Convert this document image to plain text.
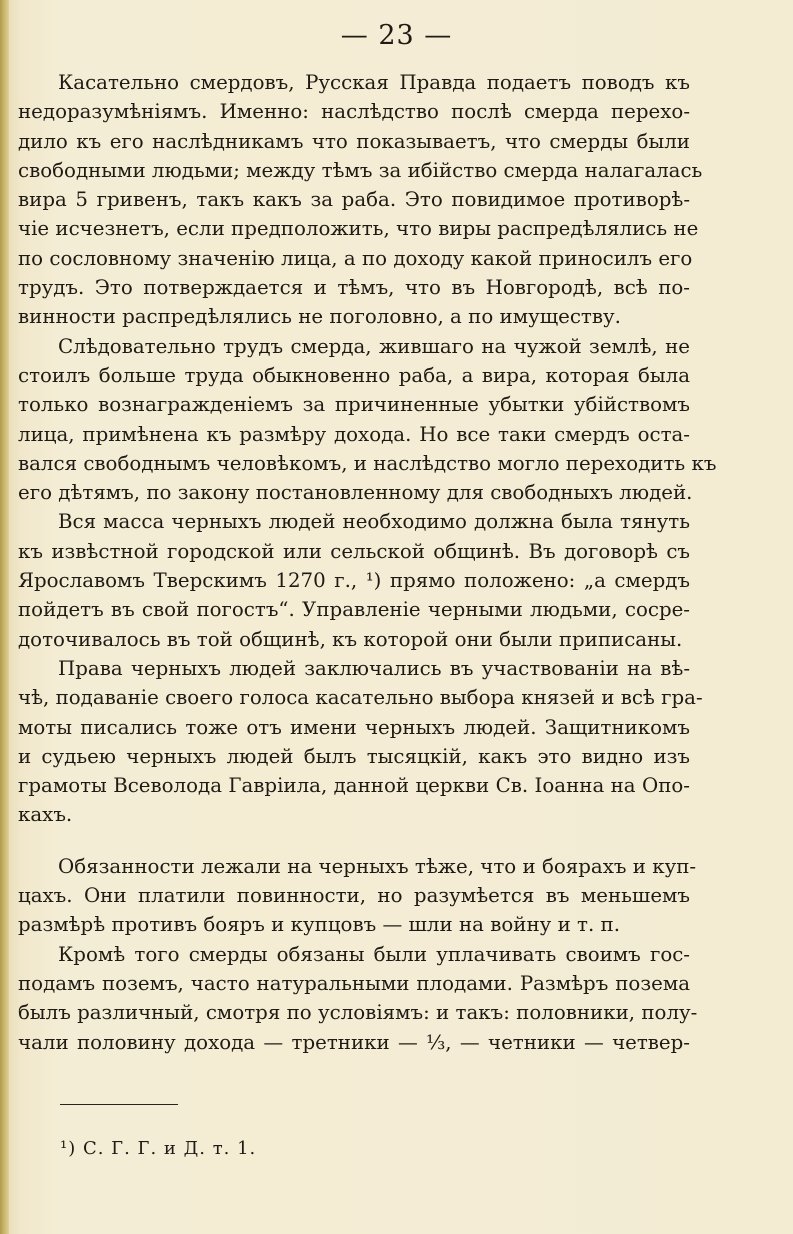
— 23 —
Касательно смердовъ, Русская Правда подаетъ поводъ къ
недоразумѣніямъ. Именно: наслѣдство послѣ смерда перехо-
дило къ его наслѣдникамъ что показываетъ, что смерды были
свободными людьми; между тѣмъ за ибійство смерда налагалась
вира 5 гривенъ, такъ какъ за раба. Это повидимое противорѣ-
чіе исчезнетъ, если предположить, что виры распредѣлялись не
по сословному значенію лица, а по доходу какой приносилъ его
трудъ. Это потверждается и тѣмъ, что въ Новгородѣ, всѣ по-
винности распредѣлялись не поголовно, а по имуществу.
Слѣдовательно трудъ смерда, жившаго на чужой землѣ, не
стоилъ больше труда обыкновенно раба, а вира, которая была
только вознагражденіемъ за причиненные убытки убійствомъ
лица, примѣнена къ размѣру дохода. Но все таки смердъ оста-
вался свободнымъ человѣкомъ, и наслѣдство могло переходить къ
его дѣтямъ, по закону постановленному для свободныхъ людей.
Вся масса черныхъ людей необходимо должна была тянуть
къ извѣстной городской или сельской общинѣ. Въ договорѣ съ
Ярославомъ Тверскимъ 1270 г., ¹) прямо положено: „а смердъ
пойдетъ въ свой погостъ“. Управленіе черными людьми, сосре-
доточивалось въ той общинѣ, къ которой они были приписаны.
Права черныхъ людей заключались въ участвованіи на вѣ-
чѣ, подаваніе своего голоса касательно выбора князей и всѣ гра-
моты писались тоже отъ имени черныхъ людей. Защитникомъ
и судьею черныхъ людей былъ тысяцкій, какъ это видно изъ
грамоты Всеволода Гавріила, данной церкви Св. Іоанна на Опо-
кахъ.
Обязанности лежали на черныхъ тѣже, что и боярахъ и куп-
цахъ. Они платили повинности, но разумѣется въ меньшемъ
размѣрѣ противъ бояръ и купцовъ — шли на войну и т. п.
Кромѣ того смерды обязаны были уплачивать своимъ гос-
подамъ поземъ, часто натуральными плодами. Размѣръ позема
былъ различный, смотря по условіямъ: и такъ: половники, полу-
чали половину дохода — третники — ⅓, — четники — четвер-
¹) С. Г. Г. и Д. т. 1.
